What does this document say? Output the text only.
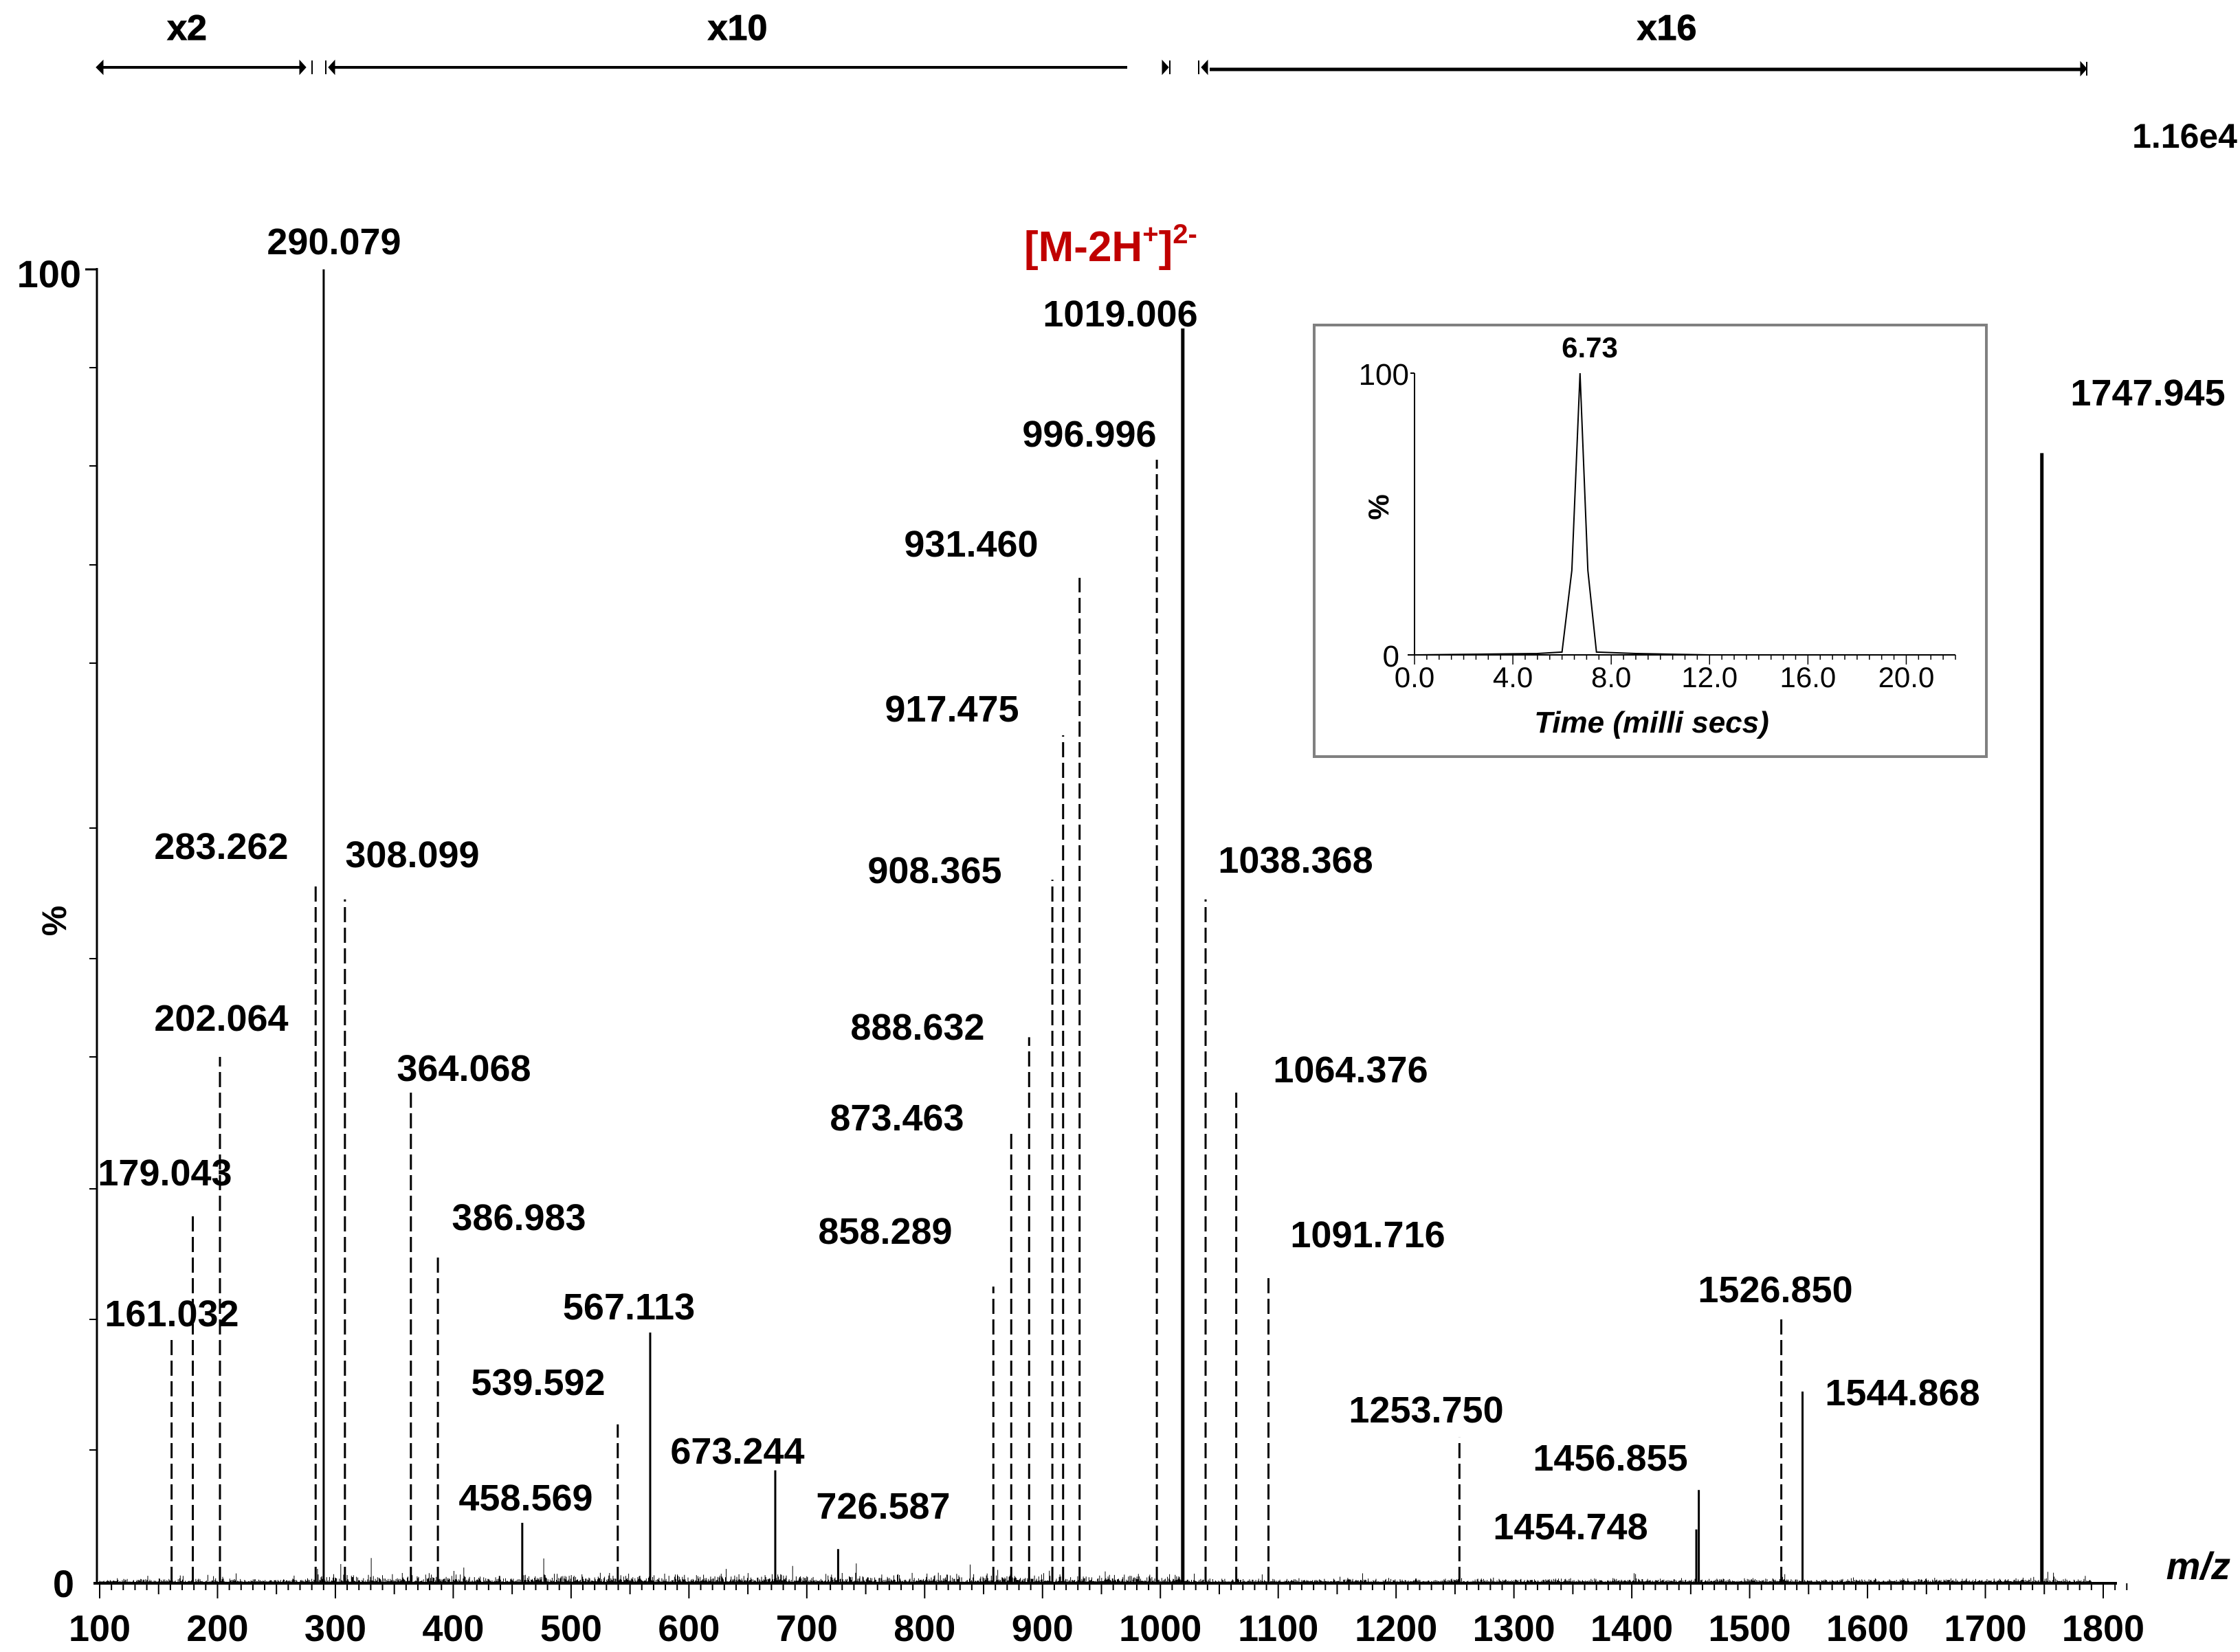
x2	x10	x16
1.16e4
$[M-2H^+]^{2-}$
100
0
%
100 200 300 400 500 600 700 800 900 1000 1100 1200 1300 1400 1500 1600 1700 1800
m/z
161.032
179.043
202.064
283.262
290.079
308.099
364.068
386.983
458.569
539.592
567.113
673.244
726.587
858.289
873.463
888.632
908.365
917.475
931.460
996.996
1019.006
1038.368
1064.376
1091.716
1253.750
1454.748
1456.855
1526.850
1544.868
1747.945
6.73
100
0
%
0.0 4.0 8.0 12.0 16.0 20.0
Time (milli secs)
